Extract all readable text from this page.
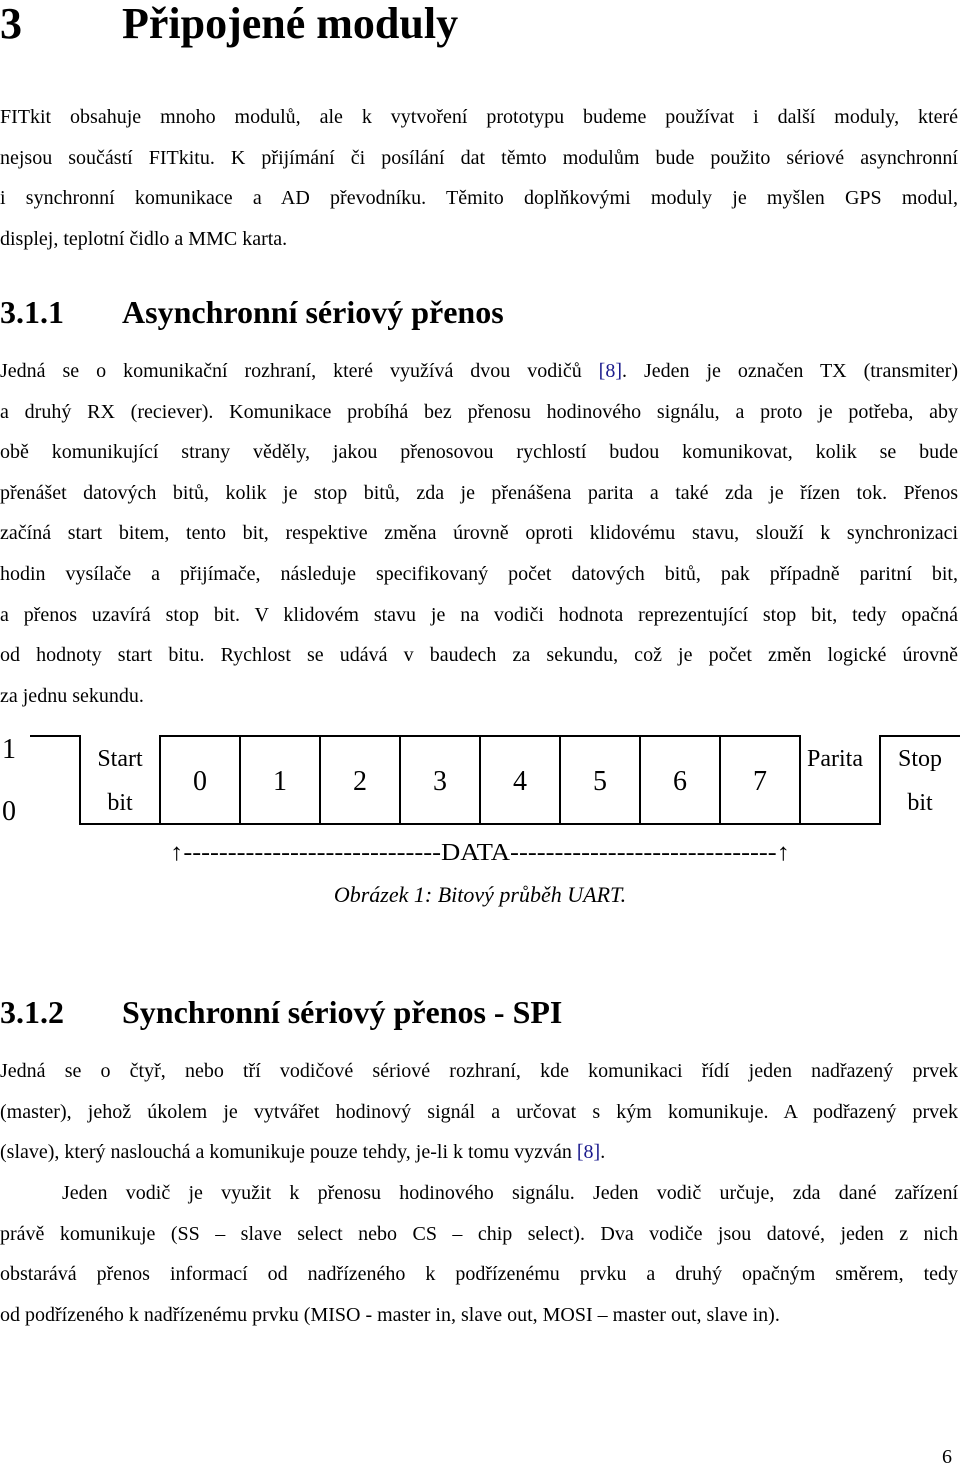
3 Připojené moduly
FITkit obsahuje mnoho modulů, ale k vytvoření prototypu budeme používat i další moduly, které
nejsou součástí FITkitu. K přijímání či posílání dat těmto modulům bude použito sériové asynchronní
i synchronní komunikace a AD převodníku. Těmito doplňkovými moduly je myšlen GPS modul,
displej, teplotní čidlo a MMC karta.
3.1.1 Asynchronní sériový přenos
Jedná se o komunikační rozhraní, které využívá dvou vodičů [8]. Jeden je označen TX (transmiter)
a druhý RX (reciever). Komunikace probíhá bez přenosu hodinového signálu, a proto je potřeba, aby
obě komunikující strany věděly, jakou přenosovou rychlostí budou komunikovat, kolik se bude
přenášet datových bitů, kolik je stop bitů, zda je přenášena parita a také zda je řízen tok. Přenos
začíná start bitem, tento bit, respektive změna úrovně oproti klidovému stavu, slouží k synchronizaci
hodin vysílače a přijímače, následuje specifikovaný počet datových bitů, pak případně paritní bit,
a přenos uzavírá stop bit. V klidovém stavu je na vodiči hodnota reprezentující stop bit, tedy opačná
od hodnoty start bitu. Rychlost se udává v baudech za sekundu, což je počet změn logické úrovně
za jednu sekundu.
1
0
Start
bit
0 1 2 3 4 5 6 7
Parita Stop
bit
↑-----------------------------DATA------------------------------↑
Obrázek 1: Bitový průběh UART.
3.1.2 Synchronní sériový přenos - SPI
Jedná se o čtyř, nebo tří vodičové sériové rozhraní, kde komunikaci řídí jeden nadřazený prvek
(master), jehož úkolem je vytvářet hodinový signál a určovat s kým komunikuje. A podřazený prvek
(slave), který naslouchá a komunikuje pouze tehdy, je-li k tomu vyzván [8].
Jeden vodič je využit k přenosu hodinového signálu. Jeden vodič určuje, zda dané zařízení
právě komunikuje (SS – slave select nebo CS – chip select). Dva vodiče jsou datové, jeden z nich
obstarává přenos informací od nadřízeného k podřízenému prvku a druhý opačným směrem, tedy
od podřízeného k nadřízenému prvku (MISO - master in, slave out, MOSI – master out, slave in).
6
